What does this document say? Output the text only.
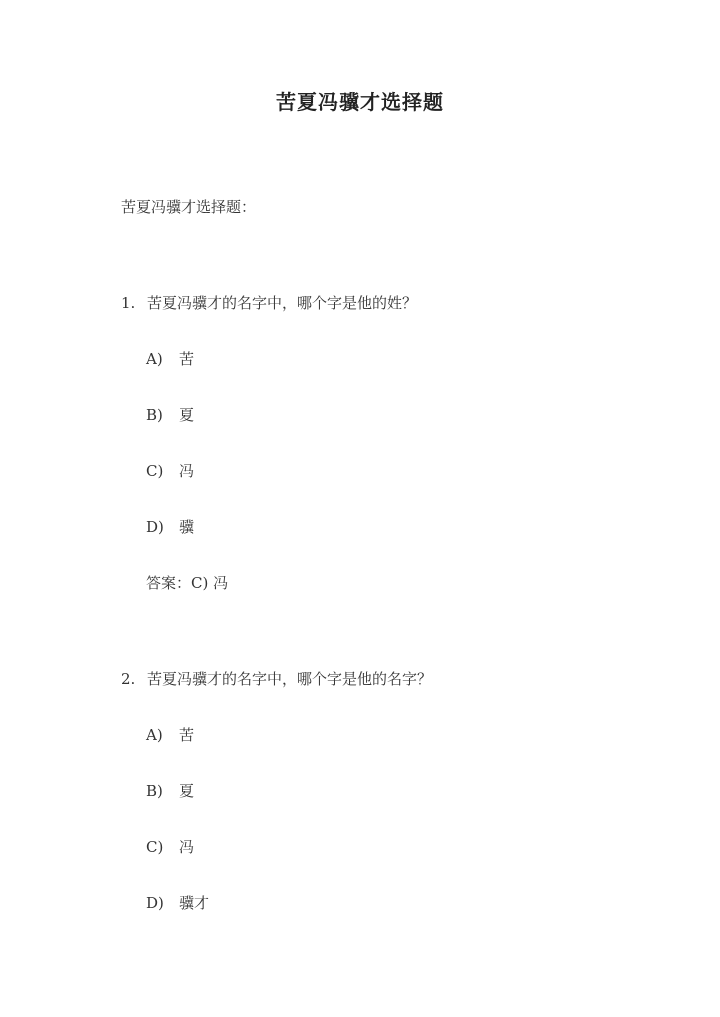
苦夏冯骥才选择题
苦夏冯骥才选择题：
1. 苦夏冯骥才的名字中，哪个字是他的姓？
A) 苦
B) 夏
C) 冯
D) 骥
答案：C) 冯
2. 苦夏冯骥才的名字中，哪个字是他的名字？
A) 苦
B) 夏
C) 冯
D) 骥才
